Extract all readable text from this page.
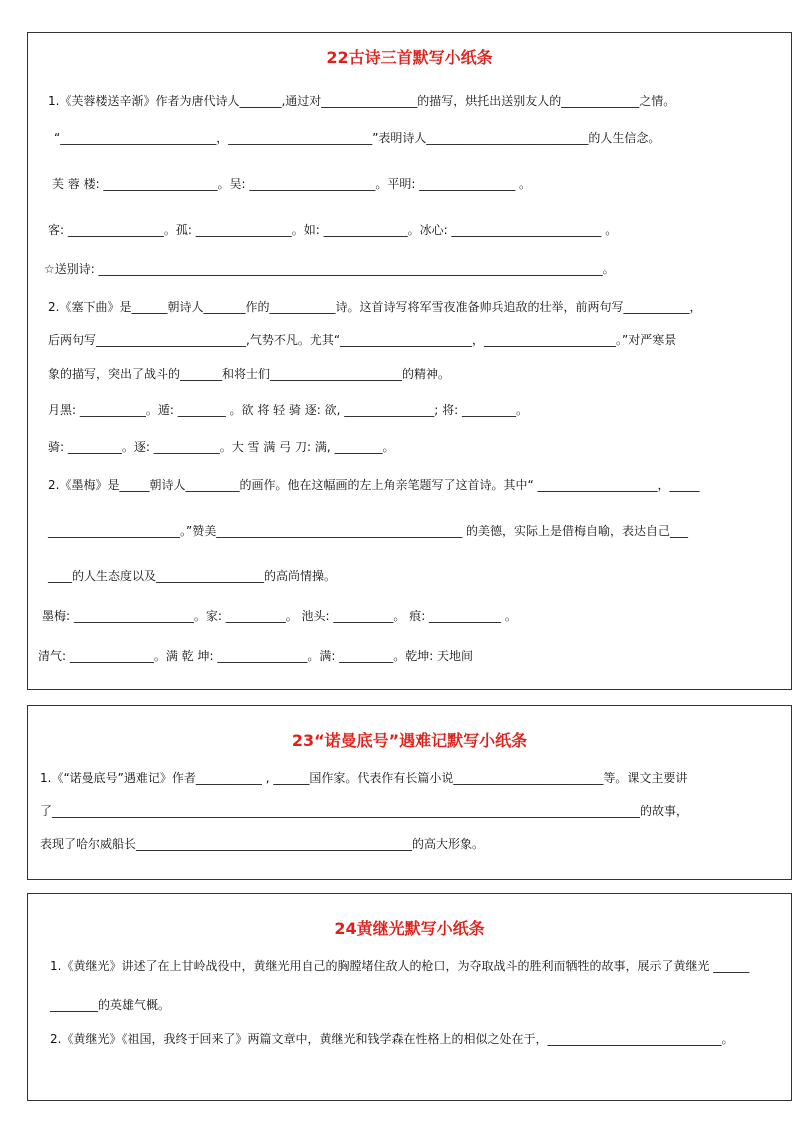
22古诗三首默写小纸条
1.《芙蓉楼送辛渐》作者为唐代诗人_______,通过对________________的描写，烘托出送别友人的_____________之情。
“__________________________，________________________”表明诗人___________________________的人生信念。
芙 蓉 楼: ___________________。吴: _____________________。平明: ________________ 。
客: ________________。孤: ________________。如: ______________。冰心: _________________________ 。
☆送别诗: ____________________________________________________________________________________。
2.《塞下曲》是______朝诗人_______作的___________诗。这首诗写将军雪夜准备帅兵追敌的壮举，前两句写___________，
后两句写_________________________,气势不凡。尤其“______________________，______________________。”对严寒景
象的描写，突出了战斗的_______和将士们______________________的精神。
月黑: ___________。遁: ________ 。欲 将 轻 骑 逐: 欲, _______________; 将: _________。
骑: _________。逐: ___________。大 雪 满 弓 刀: 满, ________。
2.《墨梅》是_____朝诗人_________的画作。他在这幅画的左上角亲笔题写了这首诗。其中“ ____________________，_____
______________________。”赞美_________________________________________ 的美德，实际上是借梅自喻，表达自己___
____的人生态度以及__________________的高尚情操。
墨梅: ____________________。家: __________。 池头: __________。 痕: ____________ 。
清气: ______________。满 乾 坤: _______________。满: _________。乾坤: 天地间
23“诺曼底号”遇难记默写小纸条
1.《“诺曼底号”遇难记》作者___________ , ______国作家。代表作有长篇小说_________________________等。课文主要讲
了__________________________________________________________________________________________________的故事，
表现了哈尔威船长______________________________________________的高大形象。
24黄继光默写小纸条
1.《黄继光》讲述了在上甘岭战役中，黄继光用自己的胸膛堵住敌人的枪口，为夺取战斗的胜利而牺牲的故事，展示了黄继光 ______
________的英雄气概。
2.《黄继光》《祖国，我终于回来了》两篇文章中，黄继光和钱学森在性格上的相似之处在于，_____________________________。
